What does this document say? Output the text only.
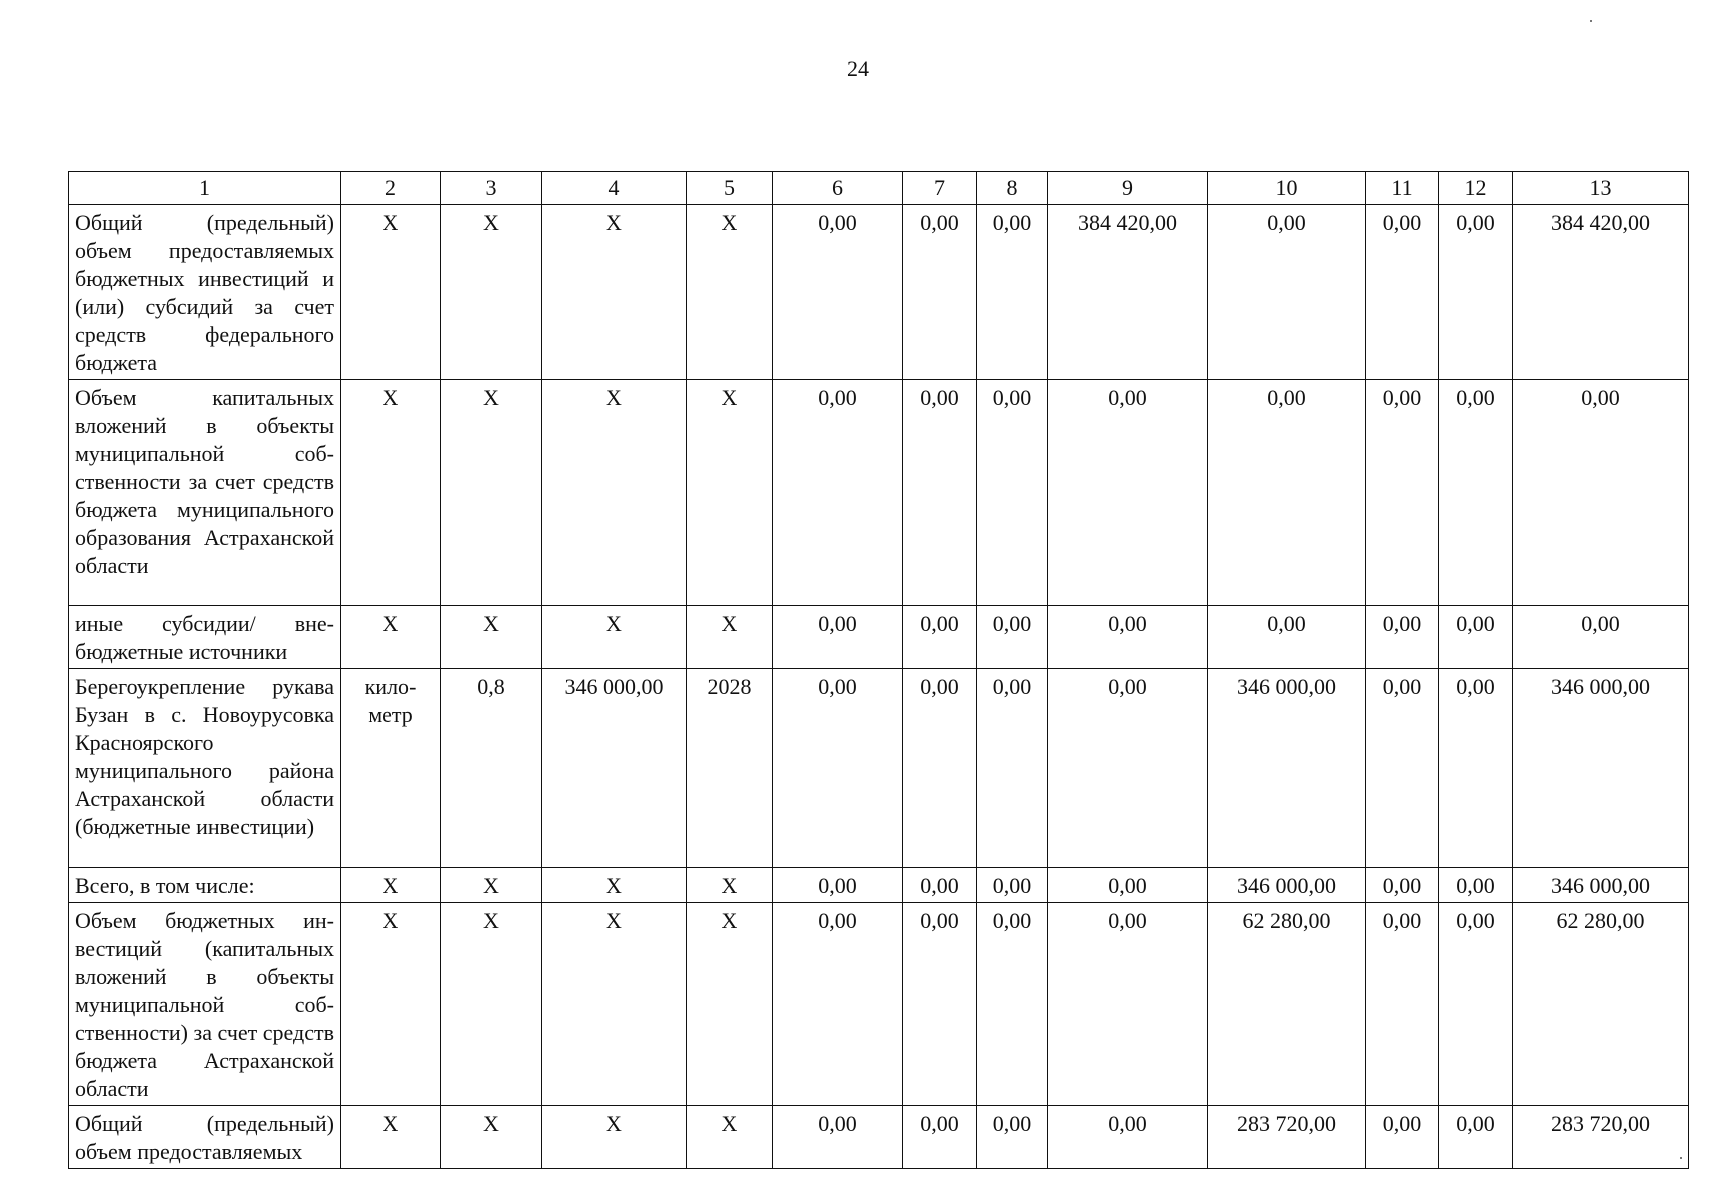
24
1	2	3	4	5	6	7	8	9	10	11	12	13
Общий (предельный) объем предоставляемых бюджетных инвестиций и (или) субсидий за счет средств федерального бюджета	X	X	X	X	0,00	0,00	0,00	384 420,00	0,00	0,00	0,00	384 420,00
Объем капитальных вложений в объекты муниципальной собственности за счет средств бюджета муниципального образования Астраханской области	X	X	X	X	0,00	0,00	0,00	0,00	0,00	0,00	0,00	0,00
иные субсидии/ внебюджетные источники	X	X	X	X	0,00	0,00	0,00	0,00	0,00	0,00	0,00	0,00
Берегоукрепление рукава Бузан в с. Новоурусовка Красноярского муниципального района Астраханской области (бюджетные инвестиции)	километр	0,8	346 000,00	2028	0,00	0,00	0,00	0,00	346 000,00	0,00	0,00	346 000,00
Всего, в том числе:	X	X	X	X	0,00	0,00	0,00	0,00	346 000,00	0,00	0,00	346 000,00
Объем бюджетных инвестиций (капитальных вложений в объекты муниципальной собственности) за счет средств бюджета Астраханской области	X	X	X	X	0,00	0,00	0,00	0,00	62 280,00	0,00	0,00	62 280,00
Общий (предельный) объем предоставляемых	X	X	X	X	0,00	0,00	0,00	0,00	283 720,00	0,00	0,00	283 720,00
